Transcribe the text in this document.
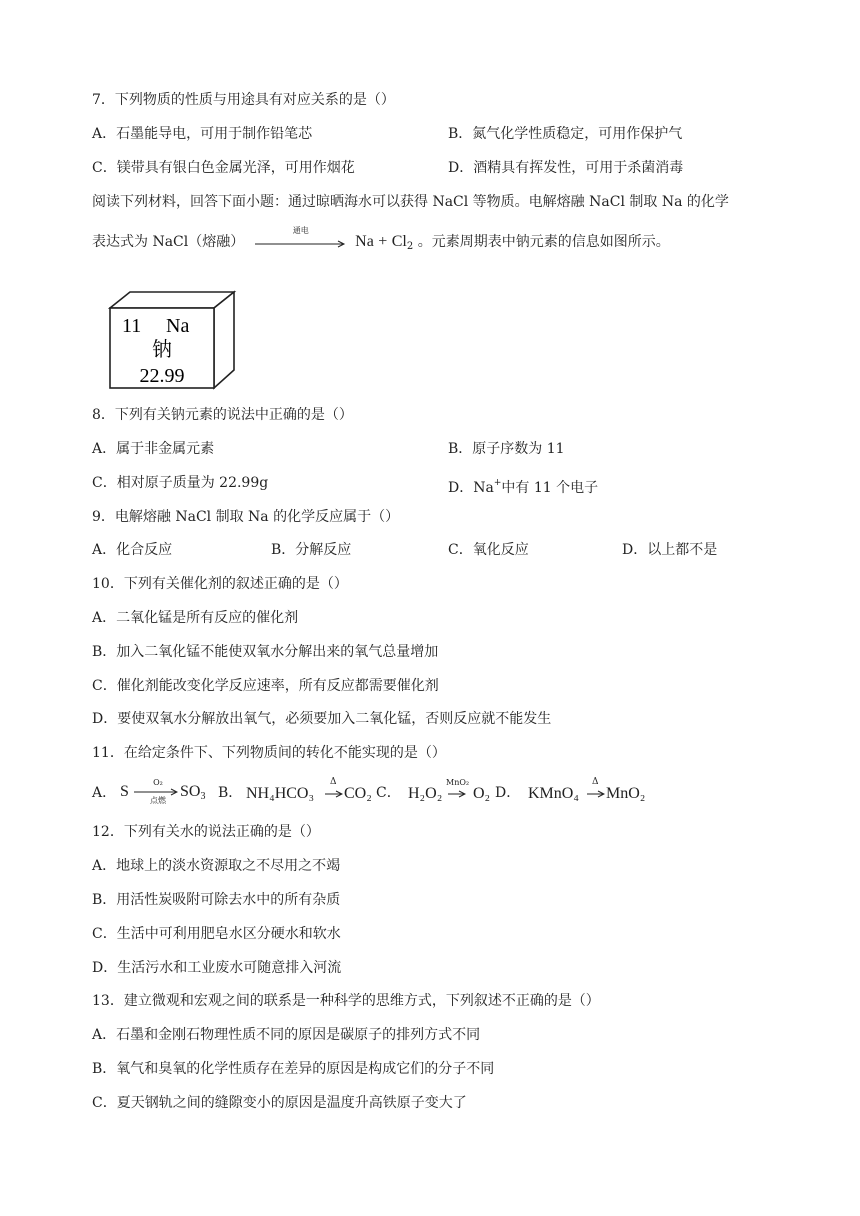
7．下列物质的性质与用途具有对应关系的是（）
A．石墨能导电，可用于制作铅笔芯	B．氮气化学性质稳定，可用作保护气
C．镁带具有银白色金属光泽，可用作烟花	D．酒精具有挥发性，可用于杀菌消毒
阅读下列材料，回答下面小题：通过晾晒海水可以获得 NaCl 等物质。电解熔融 NaCl 制取 Na 的化学
表达式为 NaCl（熔融）
通电
$Na + Cl_2$ 。元素周期表中钠元素的信息如图所示。
11 Na
钠
22.99
8．下列有关钠元素的说法中正确的是（）
A．属于非金属元素	B．原子序数为 11
C．相对原子质量为 22.99g	D．Na+中有 11 个电子
9．电解熔融 NaCl 制取 Na 的化学反应属于（）
A．化合反应	B．分解反应	C．氧化反应	D．以上都不是
10．下列有关催化剂的叙述正确的是（）
A．二氧化锰是所有反应的催化剂
B．加入二氧化锰不能使双氧水分解出来的氧气总量增加
C．催化剂能改变化学反应速率，所有反应都需要催化剂
D．要使双氧水分解放出氧气，必须要加入二氧化锰，否则反应就不能发生
11．在给定条件下、下列物质间的转化不能实现的是（）
A． S
O₂
点燃
$SO_3$ B． NH₄HCO₃
Δ
CO₂ C． H₂O₂
MnO₂
O₂ D． KMnO₄
Δ
MnO₂
12．下列有关水的说法正确的是（）
A．地球上的淡水资源取之不尽用之不竭
B．用活性炭吸附可除去水中的所有杂质
C．生活中可利用肥皂水区分硬水和软水
D．生活污水和工业废水可随意排入河流
13．建立微观和宏观之间的联系是一种科学的思维方式，下列叙述不正确的是（）
A．石墨和金刚石物理性质不同的原因是碳原子的排列方式不同
B．氧气和臭氧的化学性质存在差异的原因是构成它们的分子不同
C．夏天钢轨之间的缝隙变小的原因是温度升高铁原子变大了
